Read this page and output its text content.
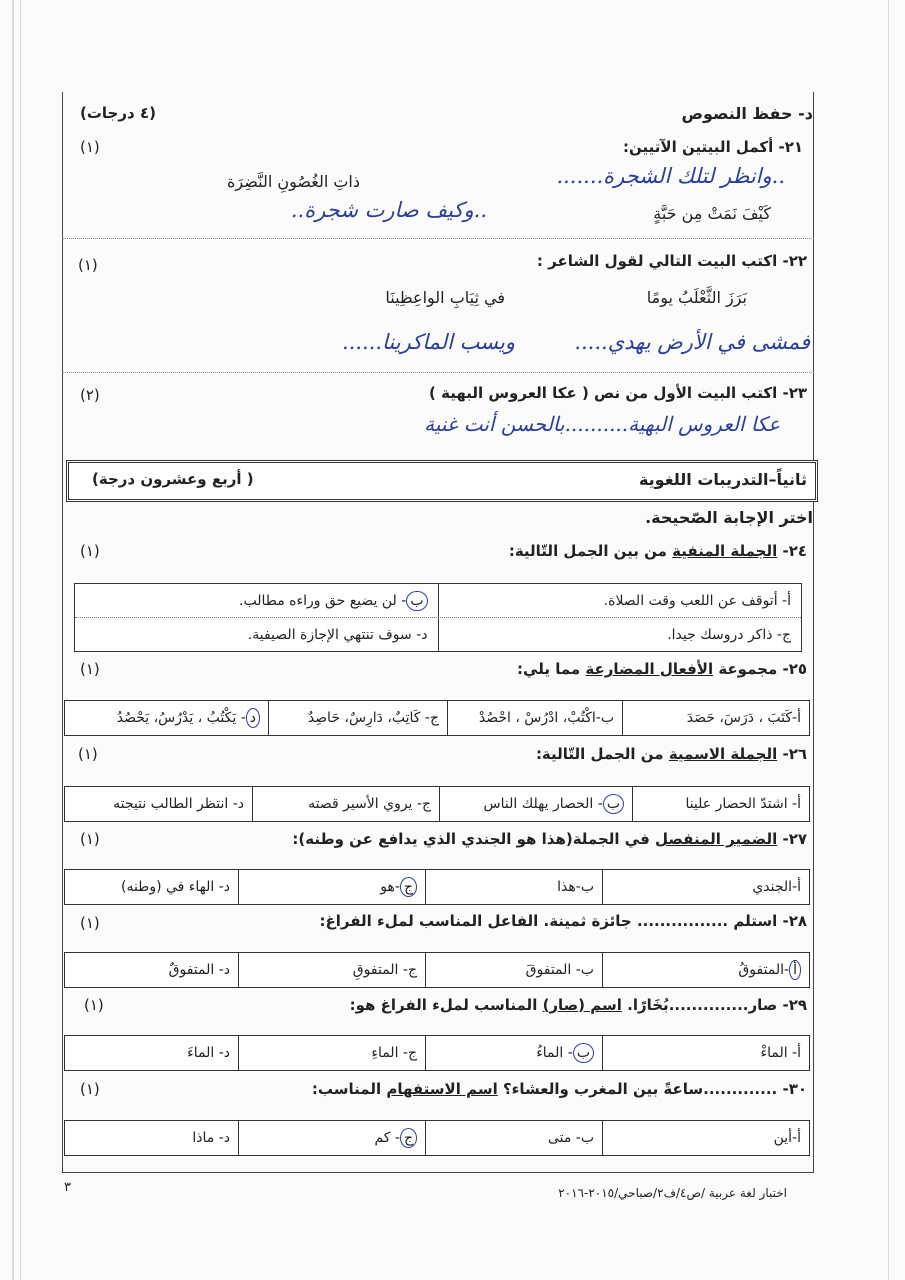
د- حفظ النصوص
(٤ درجات)
٢١- أكمل البيتين الآتيين:
(١)
..وانظر لتلك الشجرة.......
ذاتِ الغُصُونِ النَّضِرَة
كَيْفَ نَمَتْ مِن حَبَّةٍ
..وكيف صارت شجرة..
٢٢- اكتب البيت التالي لقول الشاعر :
(١)
بَرَزَ الثَّعْلَبُ يومًا
في ثِيَابِ الواعِظِينَا
فمشى في الأرض يهدي.....
ويسب الماكرينا......
٢٣- اكتب البيت الأول من نص ( عكا العروس البهية )
(٢)
عكا العروس البهية..........بالحسن أنت غنية
ثانياً–التدريبات اللغوية
( أربع وعشرون درجة)
اختر الإجابة الصّحيحة.
٢٤- الجملة المنفية من بين الجمل التّالية:
(١)
أ- أتوقف عن اللعب وقت الصلاة.
ب
- لن يضيع حق وراءه مطالب.
ج- ذاكر دروسك جيدا.
د- سوف تنتهي الإجازة الصيفية.
٢٥- مجموعة الأفعال المضارعة مما يلي:
(١)
أ-كَتَبَ ، دَرَسَ، حَصَدَ
ب-اكْتُبْ، ادْرُسْ ، احْصُدْ
ج- كَاتِبٌ، دَارِسٌ، حَاصِدٌ
د
- يَكْتُبُ ، يَدْرُسُ، يَحْصُدُ
٢٦- الجملة الاسمية من الجمل التّالية:
(١)
أ- اشتدّ الحصار علينا
ب
- الحصار يهلك الناس
ج- يروي الأسير قصته
د- انتظر الطالب نتيجته
٢٧- الضمير المنفصل في الجملة(هذا هو الجندي الذي يدافع عن وطنه):
(١)
أ-الجندي
ب-هذا
ج
-هو
د- الهاء في (وطنه)
٢٨- استلم ................ جائزة ثمينة. الفاعل المناسب لملء الفراغ:
(١)
أ
-المتفوقُ
ب- المتفوقَ
ج- المتفوقِ
د- المتفوقٌ
٢٩- صار..............بُخَارًا. اسم (صار) المناسب لملء الفراغ هو:
(١)
أ- الماءْ
ب
- الماءُ
ج- الماءِ
د- الماءَ
٣٠- .............ساعةً بين المغرب والعشاء؟ اسم الاستفهام المناسب:
(١)
أ-أين
ب- متى
ج
- كم
د- ماذا
٣	اختبار لغة عربية /ص٤/ف٢/صباحي/٢٠١٥-٢٠١٦
